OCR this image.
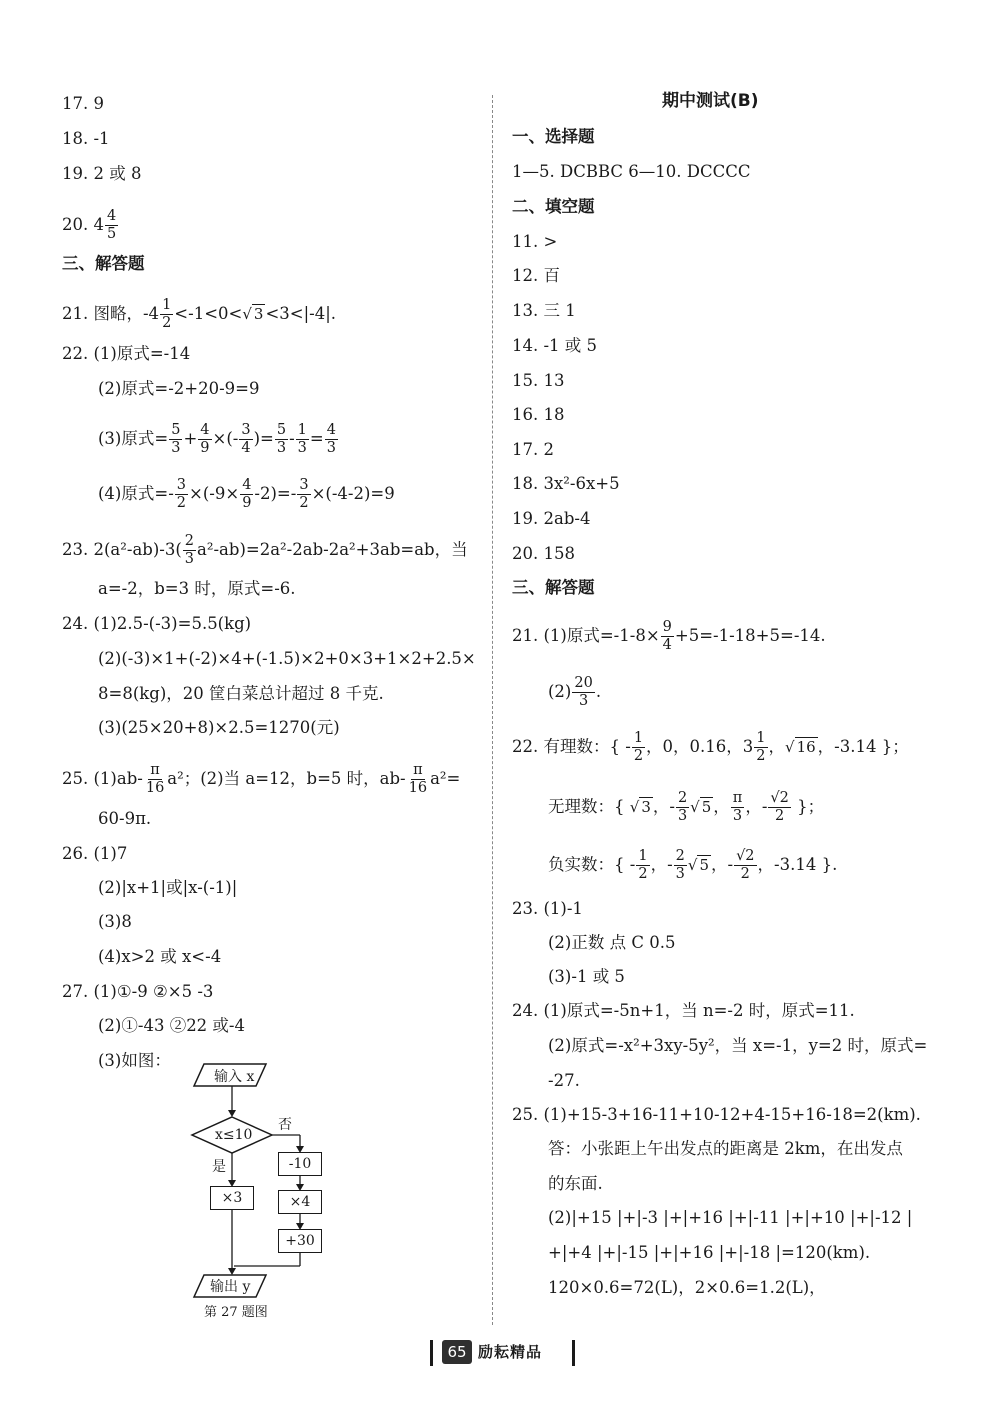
17. 9
18. -1
19. 2 或 8
20. $4 \frac{4}{5}$
三、解答题
21. 图略，$-4 \frac{1}{2} <-1<0<√$ 3 <3<|-4|.
22. (1)原式=-14
(2)原式=-2+20-9=9
(3)原式= $\frac{5}{3} + \frac{4}{9}$ ×(- $\frac{3}{4}$ )= $\frac{5}{3} - \frac{1}{3} = \frac{4}{3}$
(4)原式=- $\frac{3}{2} \times(-9\times \frac{4}{9} -2)=- \frac{3}{2} \times(-4-2)=9$
23. $2(a^2-ab)-3( \frac{2}{3} a^2-ab)=2a^2-2ab-2a^2+3ab=ab$，当
a=-2，b=3 时，原式=-6.
24. (1)2.5-(-3)=5.5(kg)
(2)(-3)×1+(-2)×4+(-1.5)×2+0×3+1×2+2.5×
8=8(kg)，20 筐白菜总计超过 8 千克.
(3)(25×20+8)×2.5=1270(元)
25. $(1)ab- \frac{\pi}{16} a^2$；(2)当 a=12，b=5 时，$ab- \frac{\pi}{16} a^2=$
60-9π.
26. (1)7
(2)|x+1|或|x-(-1)|
(3)8
(4)x>2 或 x<-4
27. (1)①-9 ②×5 -3
(2)①-43 ②22 或-4
(3)如图：
输入 x
x≤10
否
是	-10
×3	×4
+30
输出 y
第 27 题图
期中测试(B)
一、选择题
1—5. DCBBC 6—10. DCCCC
二、填空题
11. >
12. 百
13. 三 1
14. -1 或 5
15. 13
16. 18
17. 2
18. 3x²-6x+5
19. 2ab-4
20. 158
三、解答题
21. (1)原式$=-1-8\times \frac{9}{4} +5=-1-18+5=-14$.
$(2) \frac{20}{3}$ .
22. 有理数：{ - $\frac{1}{2}$ ，0，0.16，$3 \frac{1}{2}$ ，√ 16 ，-3.14̇ }；
无理数：{ √ 3 ，- $\frac{2}{3}$ √ 5 ， $\frac{\pi}{3}$ ，- $\frac{√2}{2}$ }；
负实数：{ - $\frac{1}{2}$ ，- $\frac{2}{3}$ √ 5 ，- $\frac{√2}{2}$ ，-3.14̇ }.
23. (1)-1
(2)正数 点 C 0.5
(3)-1 或 5
24. (1)原式=-5n+1，当 n=-2 时，原式=11.
(2)原式=-x²+3xy-5y²，当 x=-1，y=2 时，原式=
-27.
25. (1)+15-3+16-11+10-12+4-15+16-18=2(km).
答：小张距上午出发点的距离是 2km，在出发点
的东面.
(2)|+15 |+|-3 |+|+16 |+|-11 |+|+10 |+|-12 |
+|+4 |+|-15 |+|+16 |+|-18 |=120(km).
120×0.6=72(L)，2×0.6=1.2(L)，
65 励耘精品
